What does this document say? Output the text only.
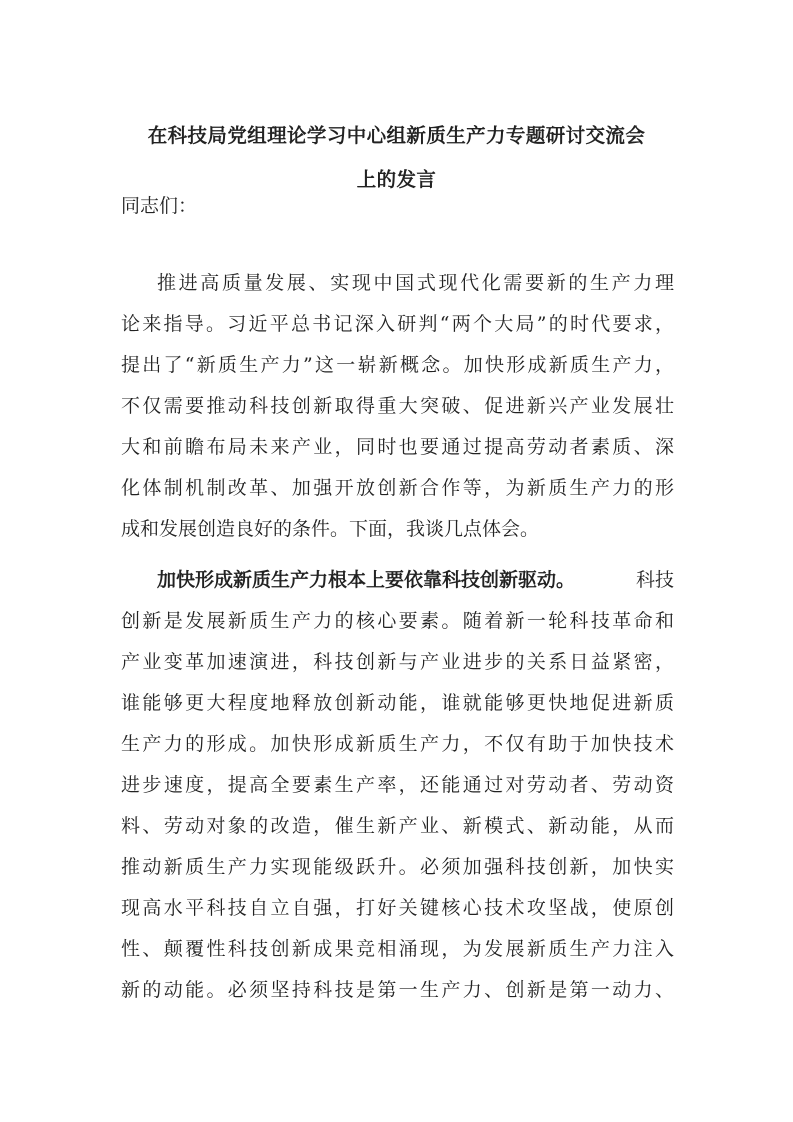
在科技局党组理论学习中心组新质生产力专题研讨交流会

上的发言

同志们：

推进高质量发展、实现中国式现代化需要新的生产力理

论来指导。习近平总书记深入研判“两个大局”的时代要求，

提出了“新质生产力”这一崭新概念。加快形成新质生产力，

不仅需要推动科技创新取得重大突破、促进新兴产业发展壮

大和前瞻布局未来产业，同时也要通过提高劳动者素质、深

化体制机制改革、加强开放创新合作等，为新质生产力的形

成和发展创造良好的条件。下面，我谈几点体会。

加快形成新质生产力根本上要依靠科技创新驱动。	科技

创新是发展新质生产力的核心要素。随着新一轮科技革命和

产业变革加速演进，科技创新与产业进步的关系日益紧密，

谁能够更大程度地释放创新动能，谁就能够更快地促进新质

生产力的形成。加快形成新质生产力，不仅有助于加快技术

进步速度，提高全要素生产率，还能通过对劳动者、劳动资

料、劳动对象的改造，催生新产业、新模式、新动能，从而

推动新质生产力实现能级跃升。必须加强科技创新，加快实

现高水平科技自立自强，打好关键核心技术攻坚战，使原创

性、颠覆性科技创新成果竞相涌现，为发展新质生产力注入

新的动能。必须坚持科技是第一生产力、创新是第一动力、
